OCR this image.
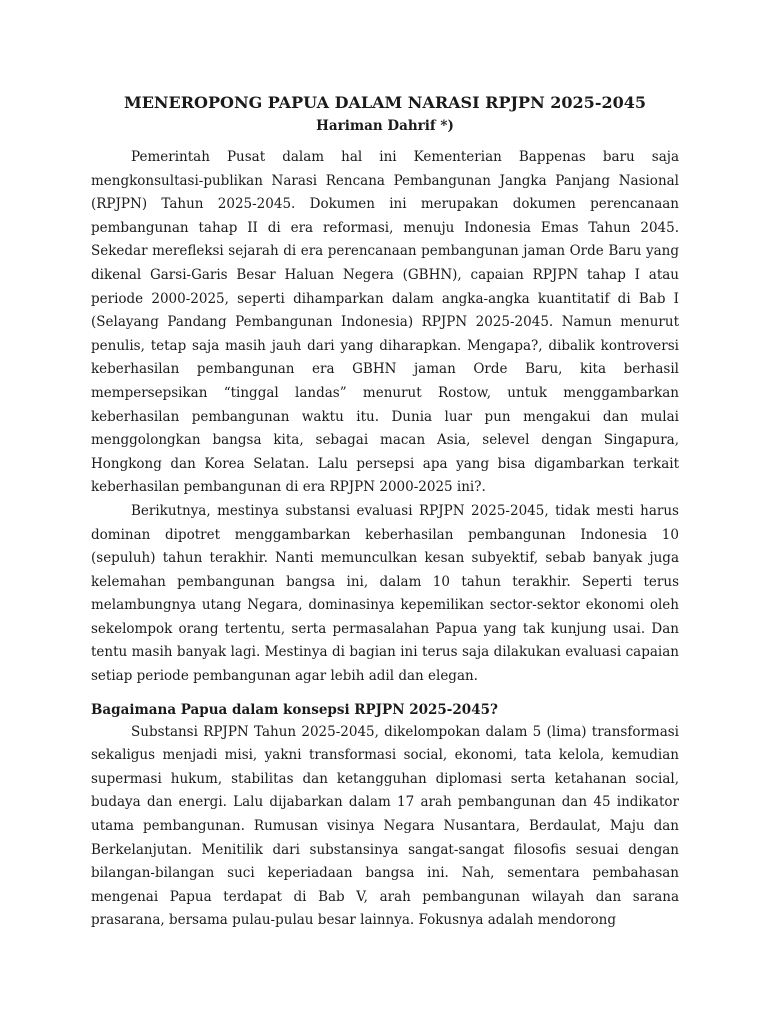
MENEROPONG PAPUA DALAM NARASI RPJPN 2025-2045
Hariman Dahrif *)

Pemerintah Pusat dalam hal ini Kementerian Bappenas baru saja mengkonsultasi-publikan Narasi Rencana Pembangunan Jangka Panjang Nasional (RPJPN) Tahun 2025-2045. Dokumen ini merupakan dokumen perencanaan pembangunan tahap II di era reformasi, menuju Indonesia Emas Tahun 2045. Sekedar merefleksi sejarah di era perencanaan pembangunan jaman Orde Baru yang dikenal Garsi-Garis Besar Haluan Negera (GBHN), capaian RPJPN tahap I atau periode 2000-2025, seperti dihamparkan dalam angka-angka kuantitatif di Bab I (Selayang Pandang Pembangunan Indonesia) RPJPN 2025-2045. Namun menurut penulis, tetap saja masih jauh dari yang diharapkan. Mengapa?, dibalik kontroversi keberhasilan pembangunan era GBHN jaman Orde Baru, kita berhasil mempersepsikan “tinggal landas” menurut Rostow, untuk menggambarkan keberhasilan pembangunan waktu itu. Dunia luar pun mengakui dan mulai menggolongkan bangsa kita, sebagai macan Asia, selevel dengan Singapura, Hongkong dan Korea Selatan. Lalu persepsi apa yang bisa digambarkan terkait keberhasilan pembangunan di era RPJPN 2000-2025 ini?.

Berikutnya, mestinya substansi evaluasi RPJPN 2025-2045, tidak mesti harus dominan dipotret menggambarkan keberhasilan pembangunan Indonesia 10 (sepuluh) tahun terakhir. Nanti memunculkan kesan subyektif, sebab banyak juga kelemahan pembangunan bangsa ini, dalam 10 tahun terakhir. Seperti terus melambungnya utang Negara, dominasinya kepemilikan sector-sektor ekonomi oleh sekelompok orang tertentu, serta permasalahan Papua yang tak kunjung usai. Dan tentu masih banyak lagi. Mestinya di bagian ini terus saja dilakukan evaluasi capaian setiap periode pembangunan agar lebih adil dan elegan.

Bagaimana Papua dalam konsepsi RPJPN 2025-2045?

Substansi RPJPN Tahun 2025-2045, dikelompokan dalam 5 (lima) transformasi sekaligus menjadi misi, yakni transformasi social, ekonomi, tata kelola, kemudian supermasi hukum, stabilitas dan ketangguhan diplomasi serta ketahanan social, budaya dan energi. Lalu dijabarkan dalam 17 arah pembangunan dan 45 indikator utama pembangunan. Rumusan visinya Negara Nusantara, Berdaulat, Maju dan Berkelanjutan. Menitilik dari substansinya sangat-sangat filosofis sesuai dengan bilangan-bilangan suci keperiadaan bangsa ini. Nah, sementara pembahasan mengenai Papua terdapat di Bab V, arah pembangunan wilayah dan sarana prasarana, bersama pulau-pulau besar lainnya. Fokusnya adalah mendorong
